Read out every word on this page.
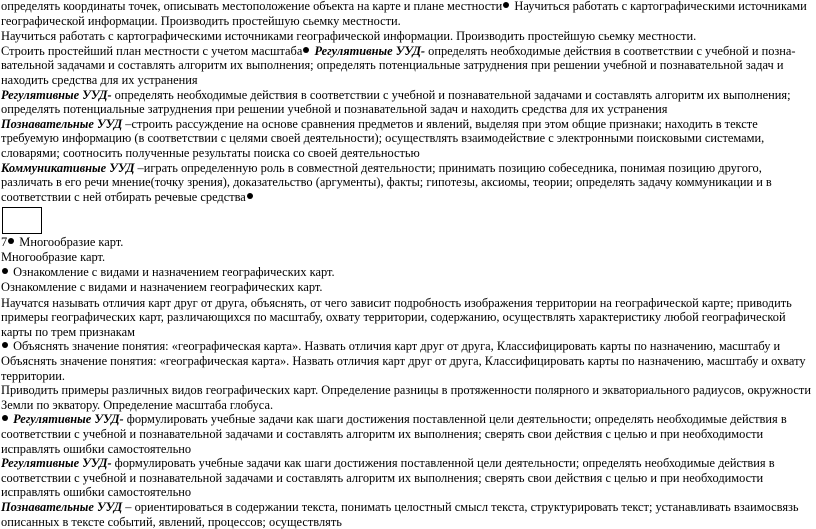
определять координаты точек, описывать местоположение объекта на карте и плане местности Научиться работать с картографическими источниками географической информации. Производить простейшую сьемку местности.

Научиться работать с картографическими источниками географической информации. Производить простейшую сьемку местности.

Строить простейший план местности с учетом масштаба Регулятивные УУД- определять необходимые действия в соответствии с учебной и позна-вательной задачами и составлять алгоритм их выполнения; определять потенциальные затруднения при решении учебной и познавательной задач и находить средства для их устранения

Регулятивные УУД- определять необходимые действия в соответствии с учебной и познавательной задачами и составлять алгоритм их выполнения; определять потенциальные затруднения при решении учебной и познавательной задач и находить средства для их устранения

Познавательные УУД –строить рассуждение на основе сравнения предметов и явлений, выделяя при этом общие признаки; находить в тексте требуемую информацию (в соответствии с целями своей деятельности); осуществлять взаимодействие с электронными поисковыми системами, словарями; соотносить полученные результаты поиска со своей деятельностью

Коммуникативные УУД –играть определенную роль в совместной деятельности; принимать позицию собеседника, понимая позицию другого, различать в его речи мнение(точку зрения), доказательство (аргументы), факты; гипотезы, аксиомы, теории; определять задачу коммуникации и в соответствии с ней отбирать речевые средства

7 Многообразие карт.

Многообразие карт.

Ознакомление с видами и назначением географических карт.

Ознакомление с видами и назначением географических карт.

Научатся называть отличия карт друг от друга, объяснять, от чего зависит подробность изображения территории на географической карте; приводить примеры географических карт, различающихся по масштабу, охвату территории, содержанию, осуществлять характеристику любой географической карты по трем признакам

Объяснять значение понятия: «географическая карта». Назвать отличия карт друг от друга, Классифицировать карты по назначению, масштабу и Объяснять значение понятия: «географическая карта». Назвать отличия карт друг от друга, Классифицировать карты по назначению, масштабу и охвату территории.

Приводить примеры различных видов географических карт. Определение разницы в протяженности полярного и экваториального радиусов, окружности Земли по экватору. Определение масштаба глобуса.

Регулятивные УУД- формулировать учебные задачи как шаги достижения поставленной цели деятельности; определять необходимые действия в соответствии с учебной и познавательной задачами и составлять алгоритм их выполнения; сверять свои действия с целью и при необходимости исправлять ошибки самостоятельно

Регулятивные УУД- формулировать учебные задачи как шаги достижения поставленной цели деятельности; определять необходимые действия в соответствии с учебной и познавательной задачами и составлять алгоритм их выполнения; сверять свои действия с целью и при необходимости исправлять ошибки самостоятельно

Познавательные УУД – ориентироваться в содержании текста, понимать целостный смысл текста, структурировать текст; устанавливать взаимосвязь описанных в тексте событий, явлений, процессов; осуществлять
